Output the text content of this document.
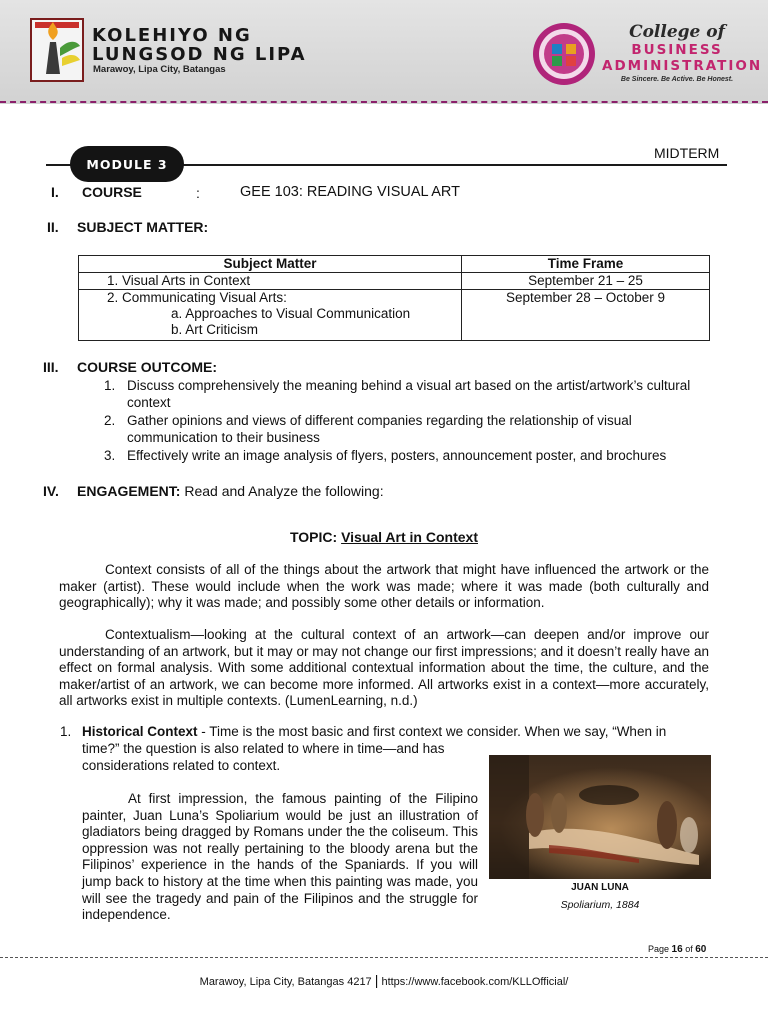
KOLEHIYO NG
LUNGSOD NG LIPA
Marawoy, Lipa City, Batangas
College of
BUSINESS
ADMINISTRATION
Be Sincere. Be Active. Be Honest.
MODULE 3
MIDTERM
I. COURSE	:	GEE 103: READING VISUAL ART
II. SUBJECT MATTER:
Subject Matter	Time Frame
1. Visual Arts in Context	September 21 – 25

2. Communicating Visual Arts:
a. Approaches to Visual Communication
b. Art Criticism	September 28 – October 9
III. COURSE OUTCOME:
1. Discuss comprehensively the meaning behind a visual art based on the artist/artwork’s cultural context
2. Gather opinions and views of different companies regarding the relationship of visual communication to their business
3. Effectively write an image analysis of flyers, posters, announcement poster, and brochures
IV. ENGAGEMENT: Read and Analyze the following:
TOPIC: Visual Art in Context
Context consists of all of the things about the artwork that might have influenced the artwork or the maker (artist). These would include when the work was made; where it was made (both culturally and geographically); why it was made; and possibly some other details or information.
Contextualism—looking at the cultural context of an artwork—can deepen and/or improve our understanding of an artwork, but it may or may not change our first impressions; and it doesn’t really have an effect on formal analysis. With some additional contextual information about the time, the culture, and the maker/artist of an artwork, we can become more informed. All artworks exist in a context—more accurately, all artworks exist in multiple contexts. (LumenLearning, n.d.)
1. Historical Context - Time is the most basic and first context we consider. When we say, “When in
time?” the question is also related to where in time—and has
considerations related to context.
At first impression, the famous painting of the Filipino painter, Juan Luna’s Spoliarium would be just an illustration of gladiators being dragged by Romans under the the coliseum. This oppression was not really pertaining to the bloody arena but the Filipinos’ experience in the hands of the Spaniards. If you will jump back to history at the time when this painting was made, you will see the tragedy and pain of the Filipinos and the struggle for independence.
JUAN LUNA
Spoliarium, 1884
Page 16 of 60
Marawoy, Lipa City, Batangas 4217 | https://www.facebook.com/KLLOfficial/
